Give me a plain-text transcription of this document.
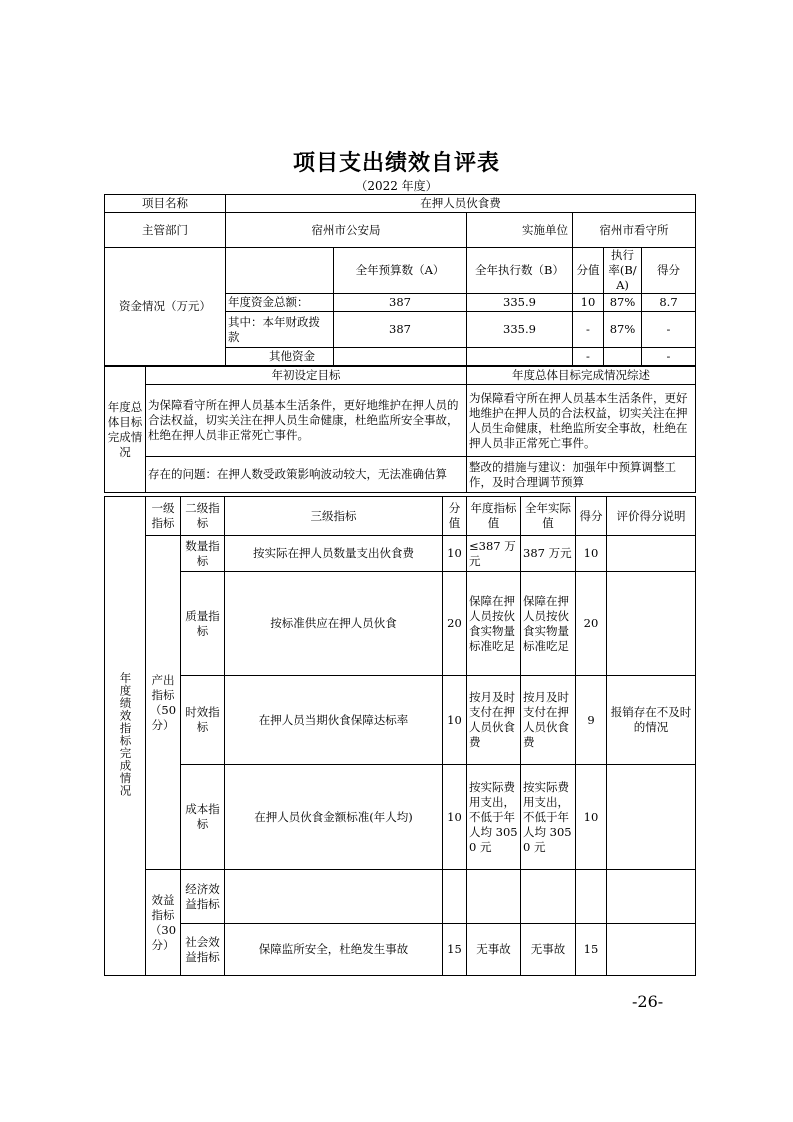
项目支出绩效自评表
（2022 年度）
项目名称	在押人员伙食费					
主管部门	宿州市公安局		实施单位	宿州市看守所		
资金情况（万元）		全年预算数（A）	全年执行数（B）	分值	执行率(B/A)	得分
	年度资金总额：	387	335.9	10	87%	8.7
	其中：本年财政拨款	387	335.9	-	87%	-
	其他资金			-		-
年度总体目标完成情况	年初设定目标	年度总体目标完成情况综述
	为保障看守所在押人员基本生活条件，更好地维护在押人员的合法权益，切实关注在押人员生命健康，杜绝监所安全事故，杜绝在押人员非正常死亡事件。	为保障看守所在押人员基本生活条件，更好地维护在押人员的合法权益，切实关注在押人员生命健康，杜绝监所安全事故，杜绝在押人员非正常死亡事件。
	存在的问题：在押人数受政策影响波动较大，无法准确估算	整改的措施与建议：加强年中预算调整工作，及时合理调节预算
年度绩效指标完成情况	一级指标	二级指标	三级指标	分值	年度指标值	全年实际值	得分	评价得分说明
	产出指标（50分）	数量指标	按实际在押人员数量支出伙食费	10	≤387 万元	387 万元	10	
		质量指标	按标准供应在押人员伙食	20	保障在押人员按伙食实物量标准吃足	保障在押人员按伙食实物量标准吃足	20	
		时效指标	在押人员当期伙食保障达标率	10	按月及时支付在押人员伙食费	按月及时支付在押人员伙食费	9	报销存在不及时的情况
		成本指标	在押人员伙食金额标准(年人均)	10	按实际费用支出，不低于年人均 3050 元	按实际费用支出，不低于年人均 3050 元	10	
	效益指标（30分）	经济效益指标						
		社会效益指标	保障监所安全，杜绝发生事故	15	无事故	无事故	15	
-26-
